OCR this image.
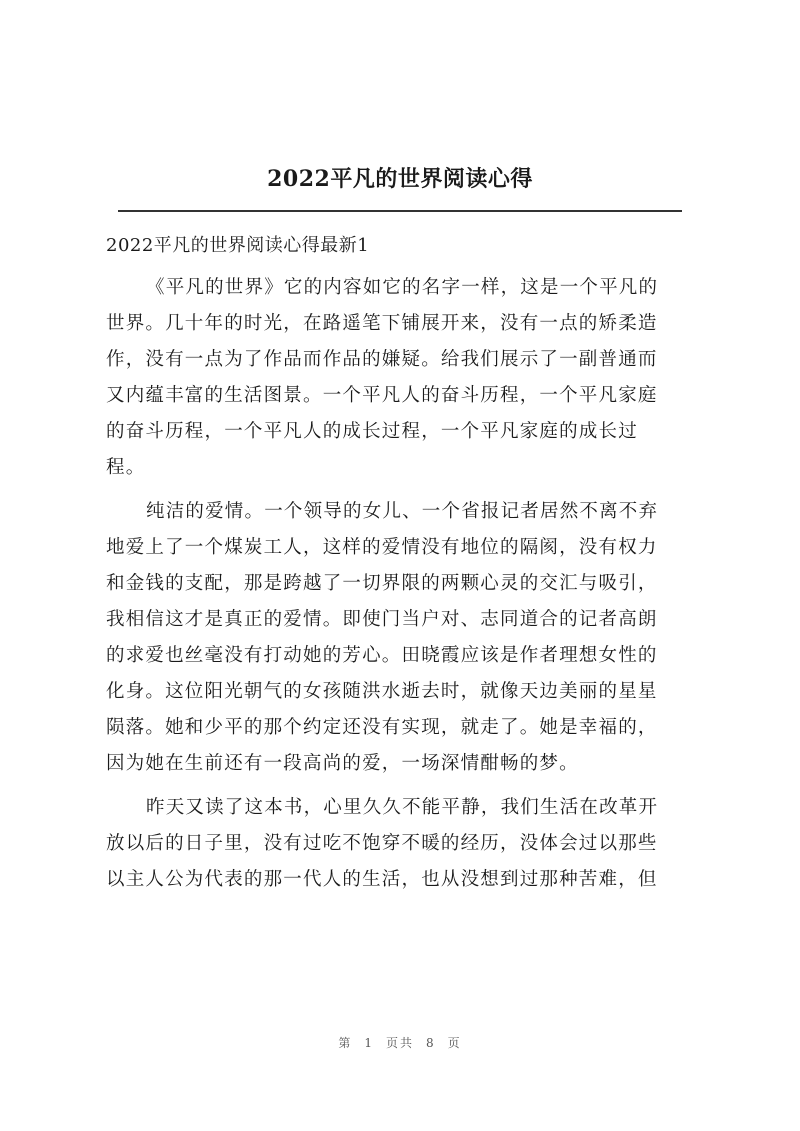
2022平凡的世界阅读心得
2022平凡的世界阅读心得最新1

《平凡的世界》它的内容如它的名字一样，这是一个平凡的
世界。几十年的时光，在路遥笔下铺展开来，没有一点的矫柔造
作，没有一点为了作品而作品的嫌疑。给我们展示了一副普通而
又内蕴丰富的生活图景。一个平凡人的奋斗历程，一个平凡家庭
的奋斗历程，一个平凡人的成长过程，一个平凡家庭的成长过
程。

纯洁的爱情。一个领导的女儿、一个省报记者居然不离不弃
地爱上了一个煤炭工人，这样的爱情没有地位的隔阂，没有权力
和金钱的支配，那是跨越了一切界限的两颗心灵的交汇与吸引，
我相信这才是真正的爱情。即使门当户对、志同道合的记者高朗
的求爱也丝毫没有打动她的芳心。田晓霞应该是作者理想女性的
化身。这位阳光朝气的女孩随洪水逝去时，就像天边美丽的星星
陨落。她和少平的那个约定还没有实现，就走了。她是幸福的，
因为她在生前还有一段高尚的爱，一场深情酣畅的梦。

昨天又读了这本书，心里久久不能平静，我们生活在改革开
放以后的日子里，没有过吃不饱穿不暖的经历，没体会过以那些
以主人公为代表的那一代人的生活，也从没想到过那种苦难，但

第 1 页共 8 页
